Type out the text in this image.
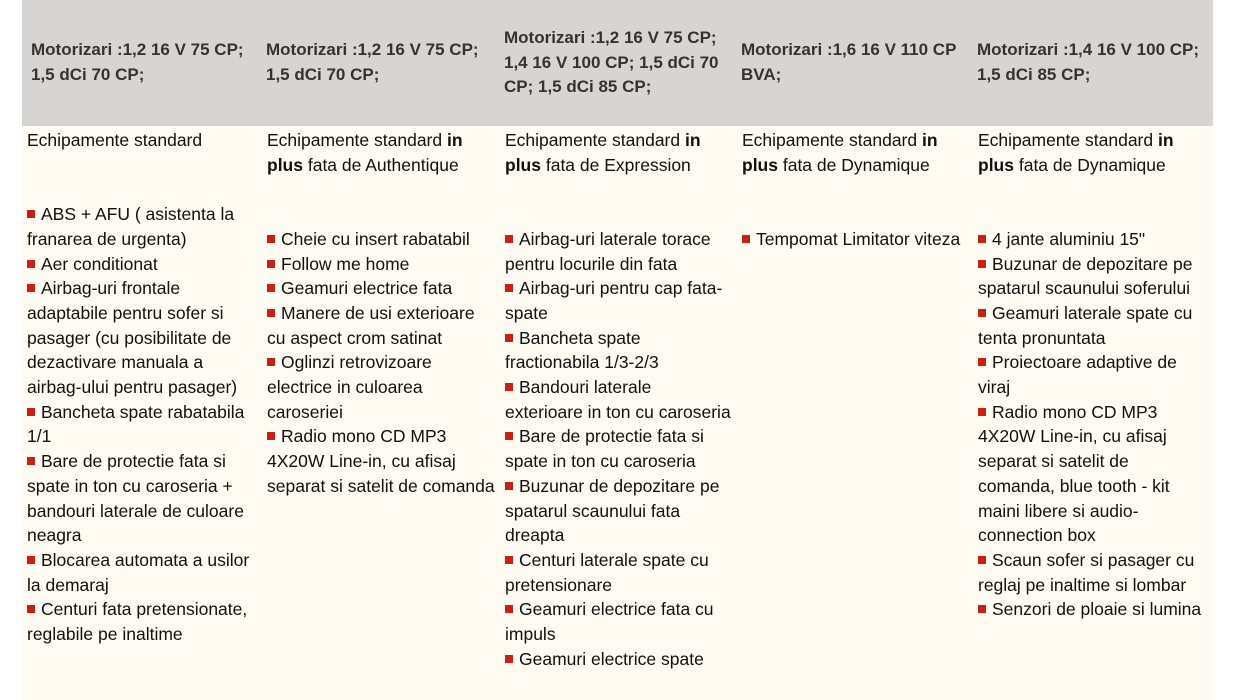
Motorizari :1,2 16 V 75 CP; 1,5 dCi 70 CP;
Motorizari :1,2 16 V 75 CP; 1,5 dCi 70 CP;
Motorizari :1,2 16 V 75 CP; 1,4 16 V 100 CP; 1,5 dCi 70 CP; 1,5 dCi 85 CP;
Motorizari :1,6 16 V 110 CP BVA;
Motorizari :1,4 16 V 100 CP; 1,5 dCi 85 CP;

Echipamente standard

ABS + AFU ( asistenta la franarea de urgenta)
Aer conditionat
Airbag-uri frontale adaptabile pentru sofer si pasager (cu posibilitate de dezactivare manuala a airbag-ului pentru pasager)
Bancheta spate rabatabila 1/1
Bare de protectie fata si spate in ton cu caroseria + bandouri laterale de culoare neagra
Blocarea automata a usilor la demaraj
Centuri fata pretensionate, reglabile pe inaltime

Echipamente standard in plus fata de Authentique

Cheie cu insert rabatabil
Follow me home
Geamuri electrice fata
Manere de usi exterioare cu aspect crom satinat
Oglinzi retrovizoare electrice in culoarea caroseriei
Radio mono CD MP3 4X20W Line-in, cu afisaj separat si satelit de comanda

Echipamente standard in plus fata de Expression

Airbag-uri laterale torace pentru locurile din fata
Airbag-uri pentru cap fata-spate
Bancheta spate fractionabila 1/3-2/3
Bandouri laterale exterioare in ton cu caroseria
Bare de protectie fata si spate in ton cu caroseria
Buzunar de depozitare pe spatarul scaunului fata dreapta
Centuri laterale spate cu pretensionare
Geamuri electrice fata cu impuls
Geamuri electrice spate

Echipamente standard in plus fata de Dynamique

Tempomat Limitator viteza

Echipamente standard in plus fata de Dynamique

4 jante aluminiu 15"
Buzunar de depozitare pe spatarul scaunului soferului
Geamuri laterale spate cu tenta pronuntata
Proiectoare adaptive de viraj
Radio mono CD MP3 4X20W Line-in, cu afisaj separat si satelit de comanda, blue tooth - kit maini libere si audio-connection box
Scaun sofer si pasager cu reglaj pe inaltime si lombar
Senzori de ploaie si lumina
